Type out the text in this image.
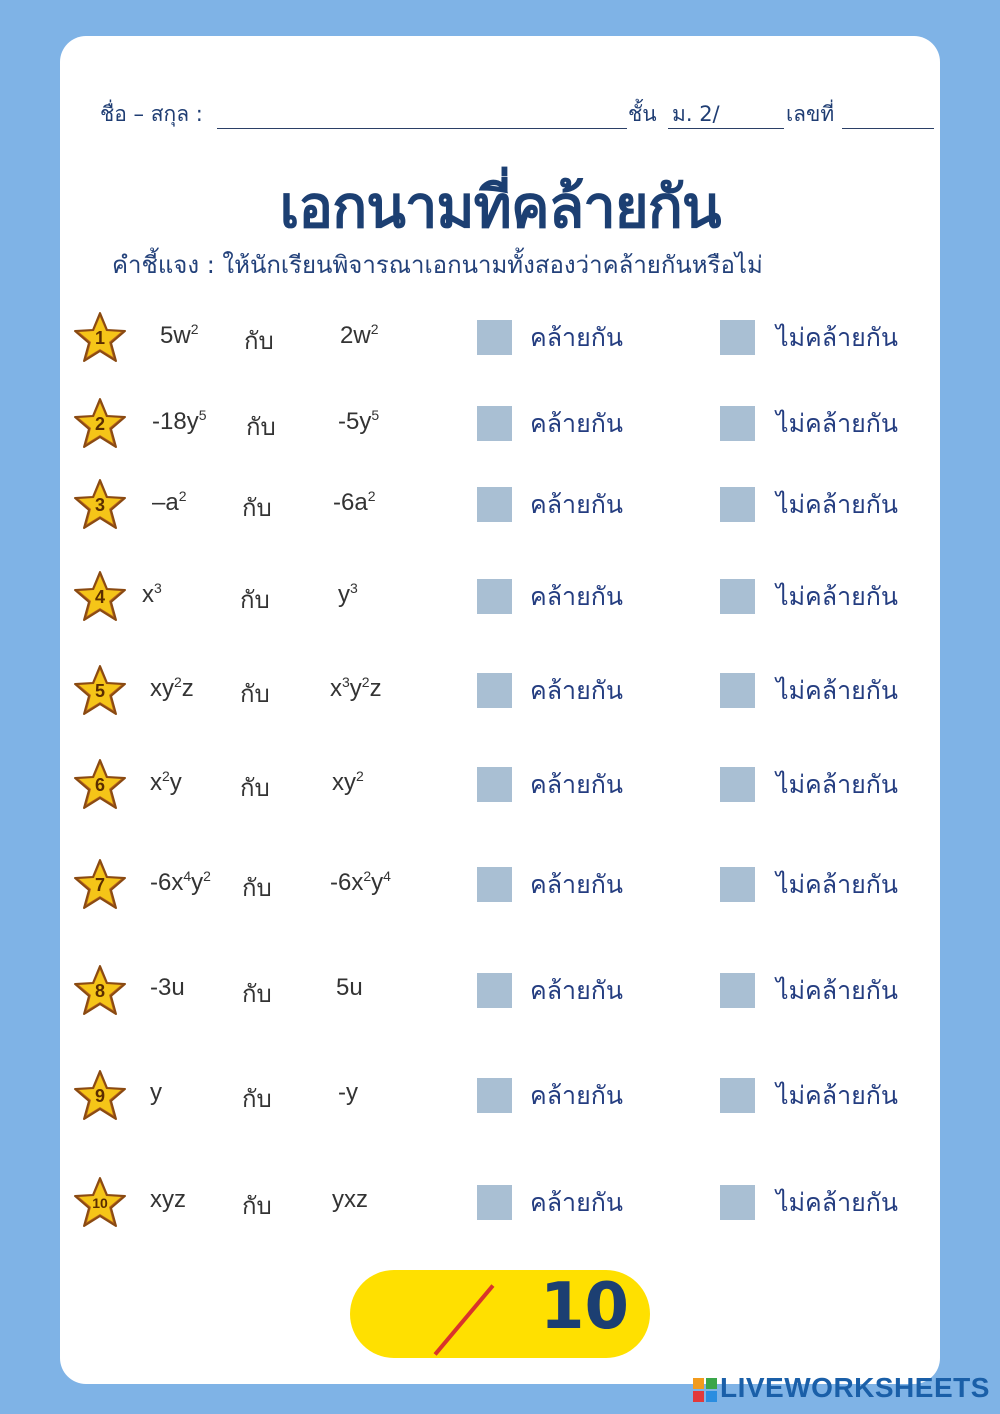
ชื่อ – สกุล :	ชั้น ม. 2/	เลขที่
เอกนามที่คล้ายกัน
คำชี้แจง : ให้นักเรียนพิจารณาเอกนามทั้งสองว่าคล้ายกันหรือไม่
1 $5w^2$ กับ	$2w^2$	คล้ายกัน	ไม่คล้ายกัน
2 $-18y^5$ กับ	$-5y^5$	คล้ายกัน	ไม่คล้ายกัน
3 $-a^2$ กับ	$-6a^2$	คล้ายกัน	ไม่คล้ายกัน
4 $x^3$	กับ	$y^3$	คล้ายกัน	ไม่คล้ายกัน
5 $xy^2z$ กับ	$x^3y^2z$	คล้ายกัน	ไม่คล้ายกัน
6 $x^2y$ กับ	$xy^2$	คล้ายกัน	ไม่คล้ายกัน
7 $-6x^4y^2$ กับ $-6x^2y^4$	คล้ายกัน	ไม่คล้ายกัน
8 -3u กับ	5u	คล้ายกัน	ไม่คล้ายกัน
9 y	กับ	-y	คล้ายกัน	ไม่คล้ายกัน
10 xyz กับ	yxz	คล้ายกัน	ไม่คล้ายกัน
10
LIVEWORKSHEETS
